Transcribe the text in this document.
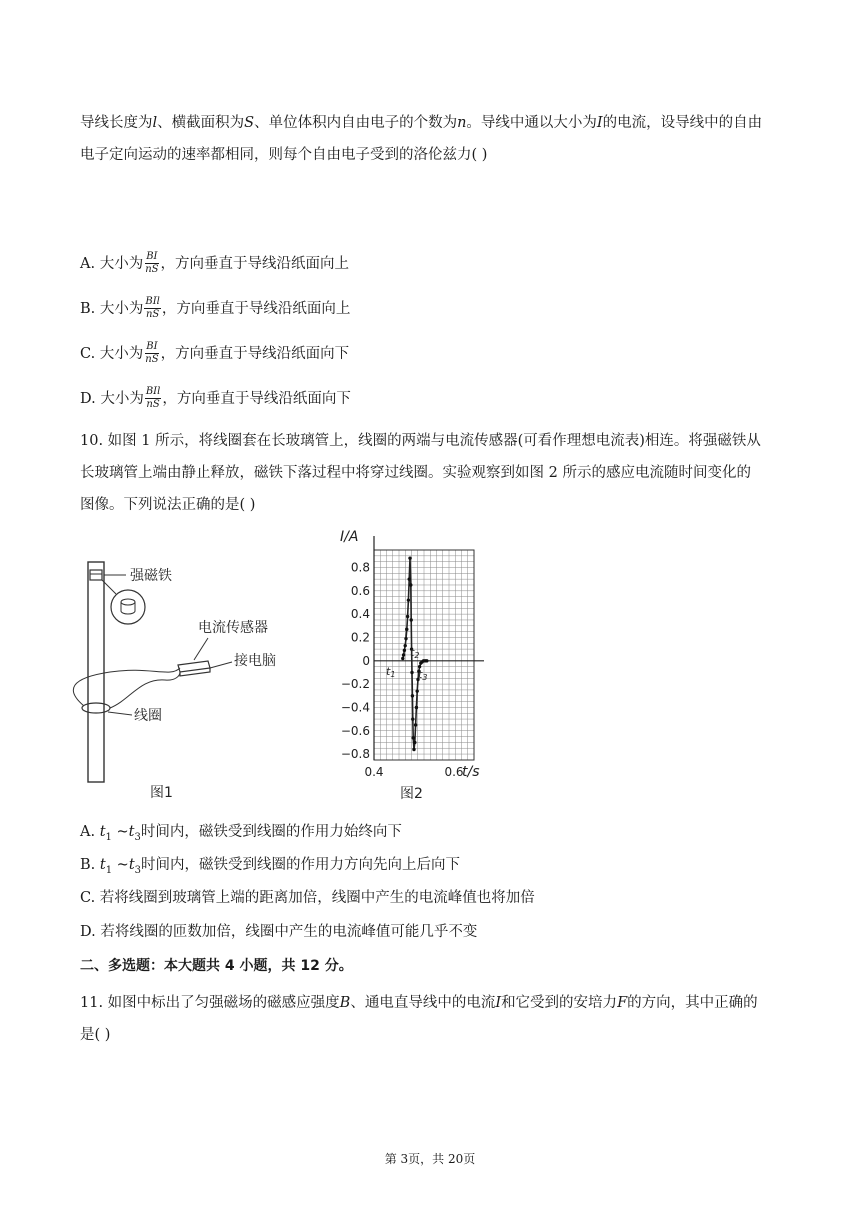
导线长度为l、横截面积为S、单位体积内自由电子的个数为n。导线中通以大小为I的电流，设导线中的自由
电子定向运动的速率都相同，则每个自由电子受到的洛伦兹力( )
A. 大小为 $\frac{BI}{nS}$ ，方向垂直于导线沿纸面向上
B. 大小为 $\frac{\text{BIl}}{nS}$ ，方向垂直于导线沿纸面向上
C. 大小为 $\frac{BI}{nS}$ ，方向垂直于导线沿纸面向下
D. 大小为 $\frac{\text{BIl}}{nS}$ ，方向垂直于导线沿纸面向下
10. 如图 1 所示，将线圈套在长玻璃管上，线圈的两端与电流传感器(可看作理想电流表)相连。将强磁铁从
长玻璃管上端由静止释放，磁铁下落过程中将穿过线圈。实验观察到如图 2 所示的感应电流随时间变化的
图像。下列说法正确的是( )
强磁铁
线圈
电流传感器
接电脑
图1
0.8
0.6
0.4
0.2
0
−0.2
−0.4
−0.6
−0.8
0.4	0.6
I/A
t/s
t1
t2
t3
图2
A. $t_1$ $\sim t_3$时间内，磁铁受到线圈的作用力始终向下
B. $t_1$ $\sim t_3$时间内，磁铁受到线圈的作用力方向先向上后向下
C. 若将线圈到玻璃管上端的距离加倍，线圈中产生的电流峰值也将加倍
D. 若将线圈的匝数加倍，线圈中产生的电流峰值可能几乎不变
二、多选题：本大题共 4 小题，共 12 分。
11. 如图中标出了匀强磁场的磁感应强度B、通电直导线中的电流I和它受到的安培力F的方向，其中正确的
是( )
第 3页，共 20页
